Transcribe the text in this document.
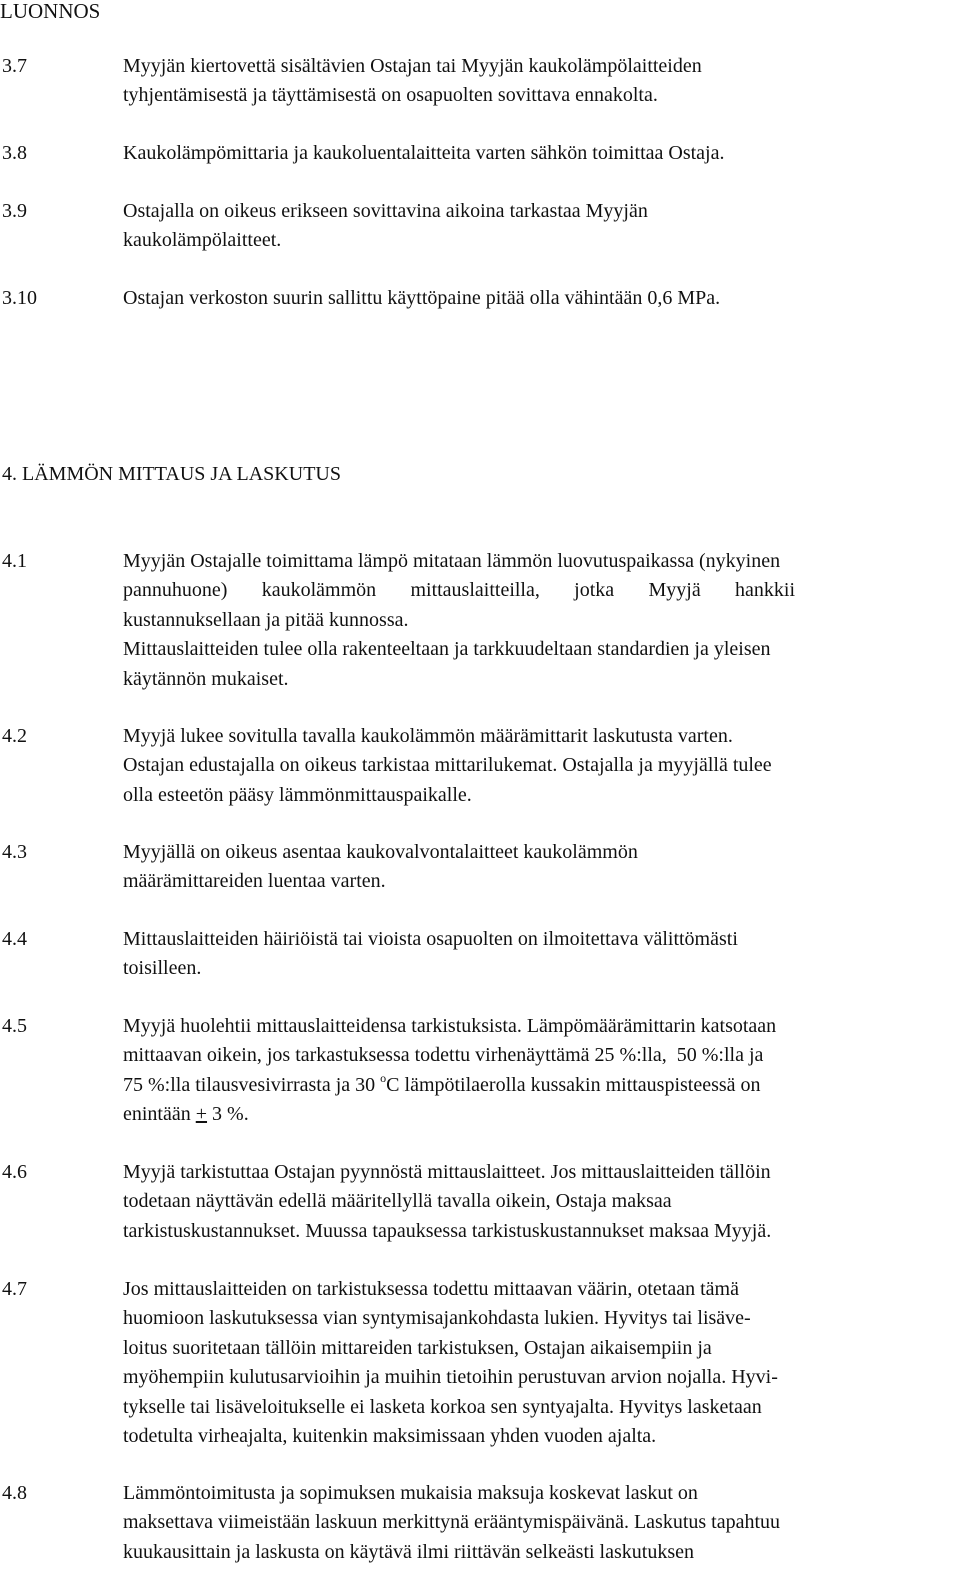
LUONNOS
3.7	Myyjän kiertovettä sisältävien Ostajan tai Myyjän kaukolämpölaitteiden
tyhjentämisestä ja täyttämisestä on osapuolten sovittava ennakolta.
3.8	Kaukolämpömittaria ja kaukoluentalaitteita varten sähkön toimittaa Ostaja.
3.9	Ostajalla on oikeus erikseen sovittavina aikoina tarkastaa Myyjän
kaukolämpölaitteet.
3.10	Ostajan verkoston suurin sallittu käyttöpaine pitää olla vähintään 0,6 MPa.
4. LÄMMÖN MITTAUS JA LASKUTUS
4.1	Myyjän Ostajalle toimittama lämpö mitataan lämmön luovutuspaikassa (nykyinen
pannuhuone) kaukolämmön mittauslaitteilla, jotka Myyjä hankkii
kustannuksellaan ja pitää kunnossa.
Mittauslaitteiden tulee olla rakenteeltaan ja tarkkuudeltaan standardien ja yleisen
käytännön mukaiset.
4.2	Myyjä lukee sovitulla tavalla kaukolämmön määrämittarit laskutusta varten.
Ostajan edustajalla on oikeus tarkistaa mittarilukemat. Ostajalla ja myyjällä tulee
olla esteetön pääsy lämmönmittauspaikalle.
4.3	Myyjällä on oikeus asentaa kaukovalvontalaitteet kaukolämmön
määrämittareiden luentaa varten.
4.4	Mittauslaitteiden häiriöistä tai vioista osapuolten on ilmoitettava välittömästi
toisilleen.
4.5	Myyjä huolehtii mittauslaitteidensa tarkistuksista. Lämpömäärämittarin katsotaan
mittaavan oikein, jos tarkastuksessa todettu virhenäyttämä 25 %:lla,  50 %:lla ja
75 %:lla tilausvesivirrasta ja 30 $^o$C lämpötilaerolla kussakin mittauspisteessä on
enintään + 3 %.
4.6	Myyjä tarkistuttaa Ostajan pyynnöstä mittauslaitteet. Jos mittauslaitteiden tällöin
todetaan näyttävän edellä määritellyllä tavalla oikein, Ostaja maksaa
tarkistuskustannukset. Muussa tapauksessa tarkistuskustannukset maksaa Myyjä.
4.7	Jos mittauslaitteiden on tarkistuksessa todettu mittaavan väärin, otetaan tämä
huomioon laskutuksessa vian syntymisajankohdasta lukien. Hyvitys tai lisäve-
loitus suoritetaan tällöin mittareiden tarkistuksen, Ostajan aikaisempiin ja
myöhempiin kulutusarvioihin ja muihin tietoihin perustuvan arvion nojalla. Hyvi-
tykselle tai lisäveloitukselle ei lasketa korkoa sen syntyajalta. Hyvitys lasketaan
todetulta virheajalta, kuitenkin maksimissaan yhden vuoden ajalta.
4.8	Lämmöntoimitusta ja sopimuksen mukaisia maksuja koskevat laskut on
maksettava viimeistään laskuun merkittynä erääntymispäivänä. Laskutus tapahtuu
kuukausittain ja laskusta on käytävä ilmi riittävän selkeästi laskutuksen
